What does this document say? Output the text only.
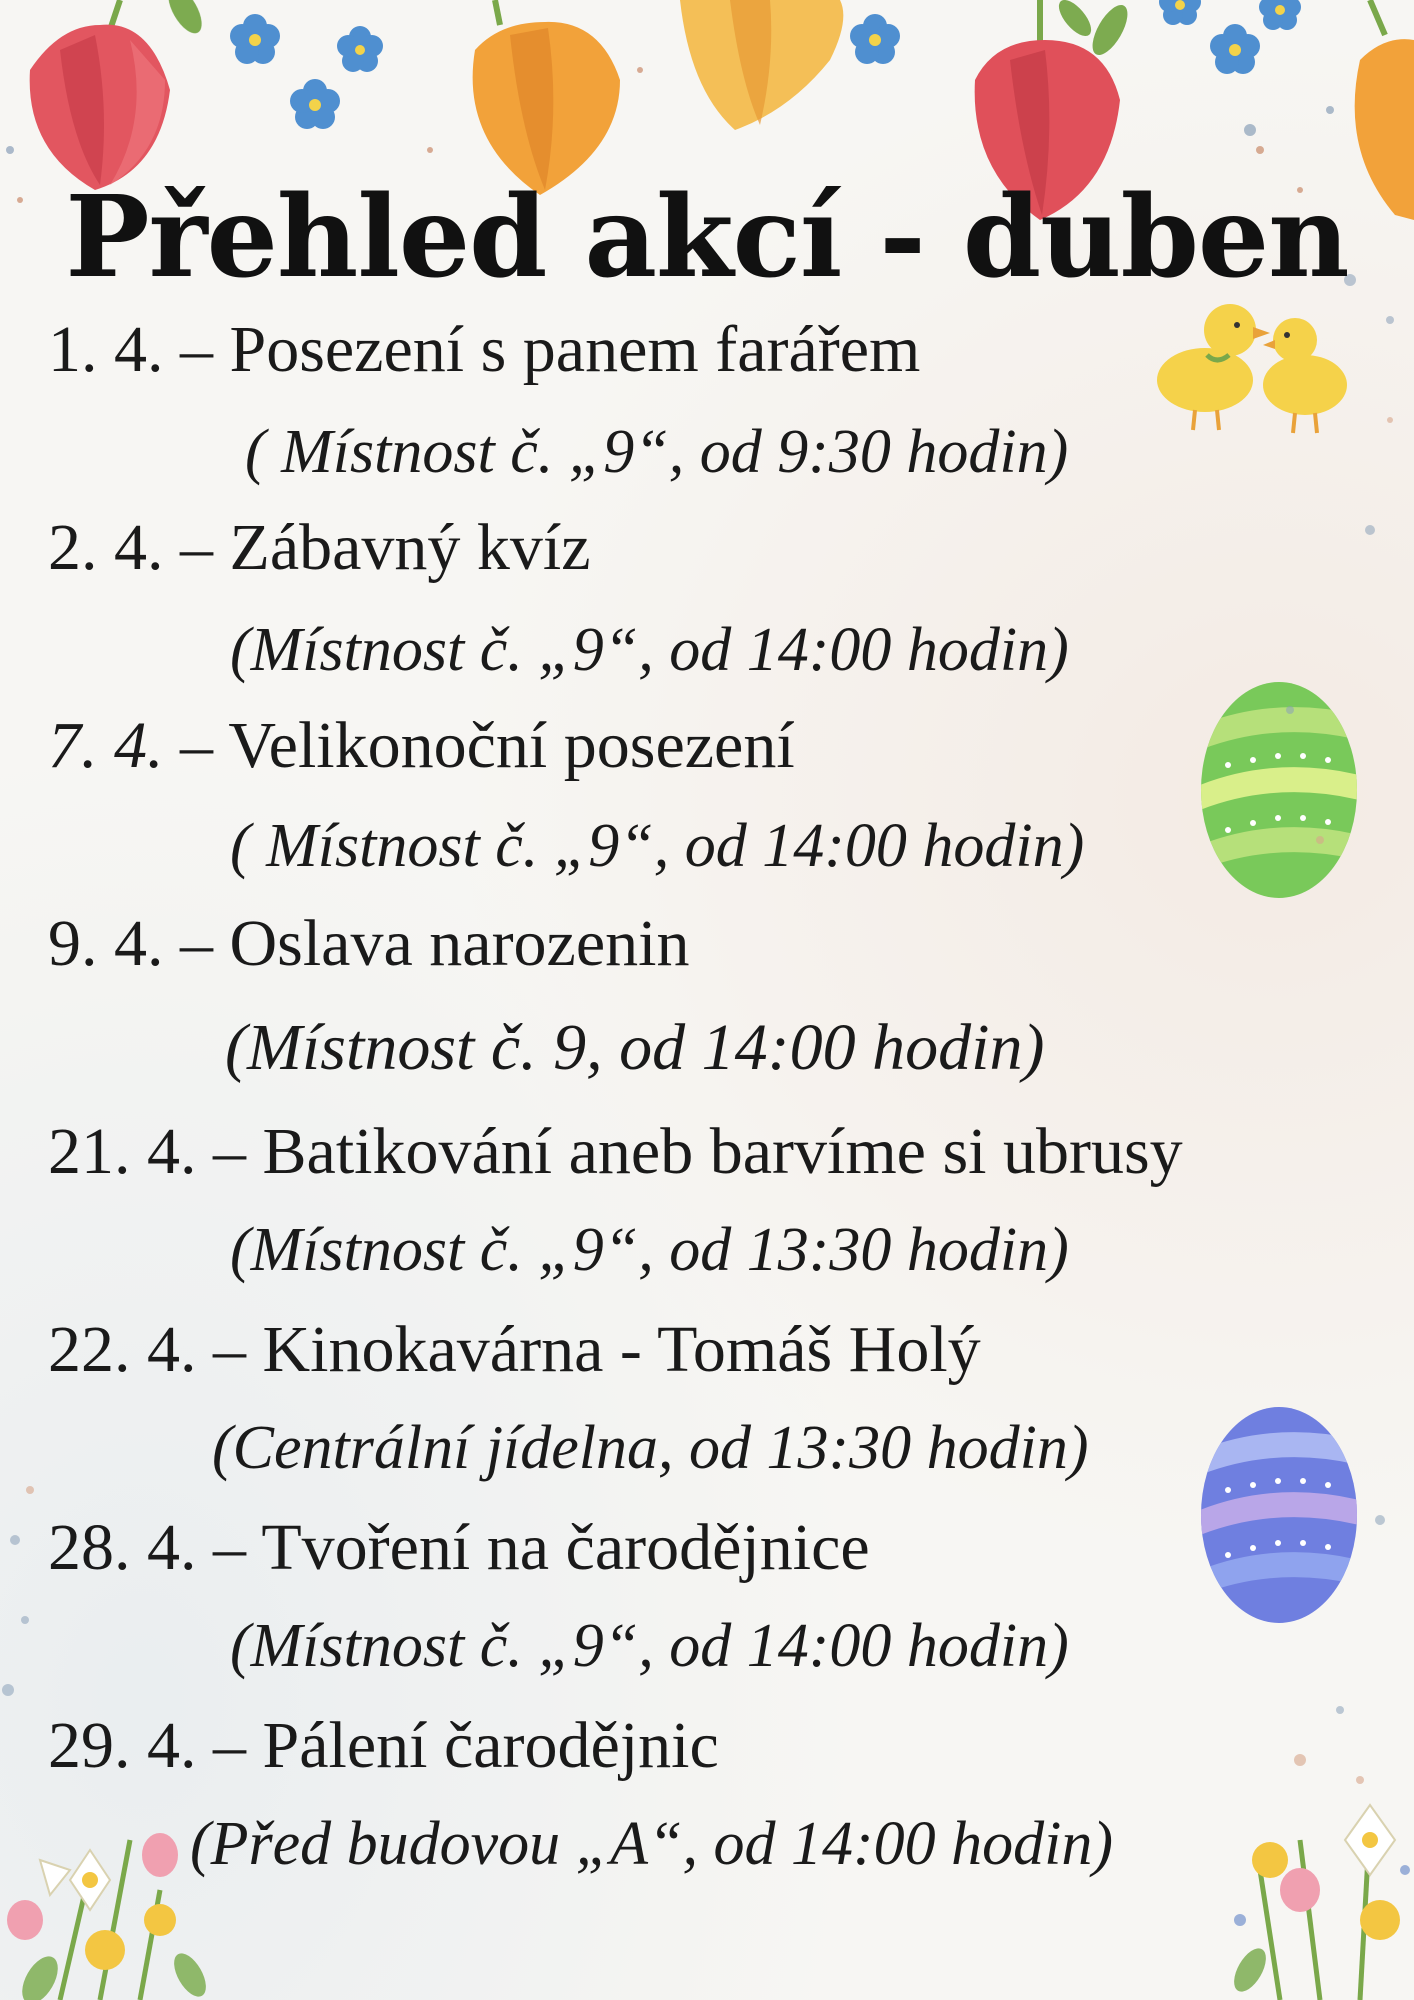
Přehled akcí - duben
1. 4. – Posezení s panem farářem
( Místnost č. „9“, od 9:30 hodin)
2. 4. – Zábavný kvíz
(Místnost č. „9“, od 14:00 hodin)
7. 4. – Velikonoční posezení
( Místnost č. „9“, od 14:00 hodin)
9. 4. – Oslava narozenin
(Místnost č. 9, od 14:00 hodin)
21. 4. – Batikování aneb barvíme si ubrusy
(Místnost č. „9“, od 13:30 hodin)
22. 4. – Kinokavárna - Tomáš Holý
(Centrální jídelna, od 13:30 hodin)
28. 4. – Tvoření na čarodějnice
(Místnost č. „9“, od 14:00 hodin)
29. 4. – Pálení čarodějnic
(Před budovou „A“, od 14:00 hodin)
